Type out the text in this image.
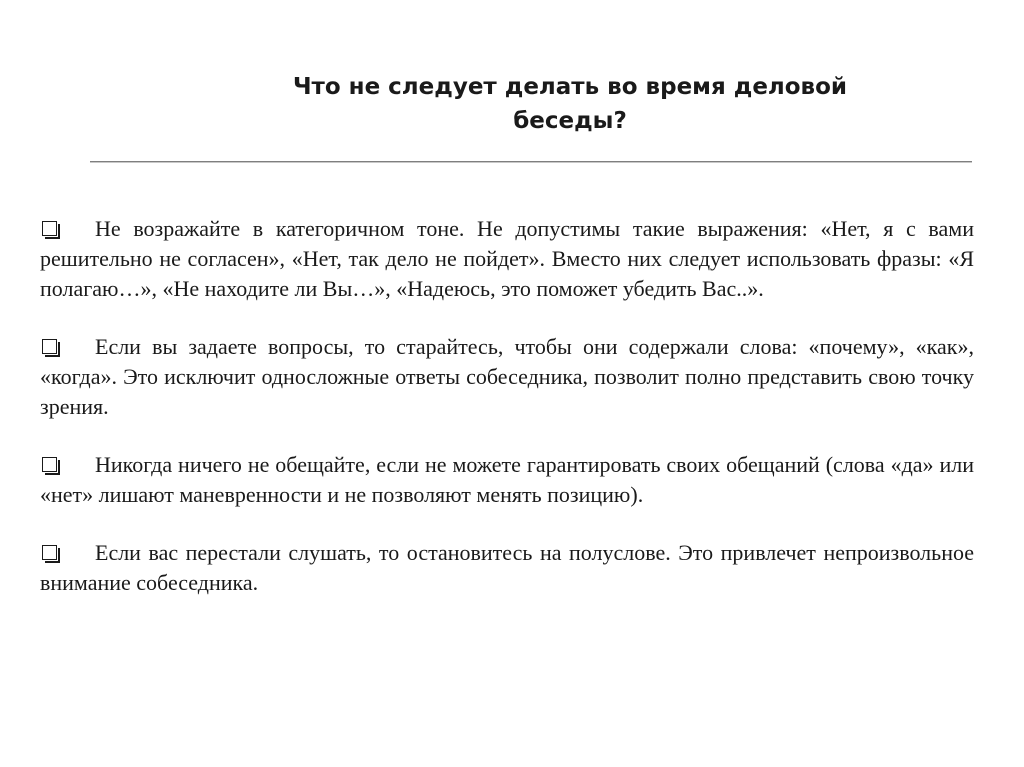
Что не следует делать во время деловой
беседы?

Не возражайте в категоричном тоне. Не допустимы такие выражения: «Нет, я с вами решительно не согласен», «Нет, так дело не пойдет». Вместо них следует использовать фразы: «Я полагаю…», «Не находите ли Вы…», «Надеюсь, это поможет убедить Вас..».

Если вы задаете вопросы, то старайтесь, чтобы они содержали слова: «почему», «как», «когда». Это исключит односложные ответы собеседника, позволит полно представить свою точку зрения.

Никогда ничего не обещайте, если не можете гарантировать своих обещаний (слова «да» или «нет» лишают маневренности и не позволяют менять позицию).

Если вас перестали слушать, то остановитесь на полуслове. Это привлечет непроизвольное внимание собеседника.
